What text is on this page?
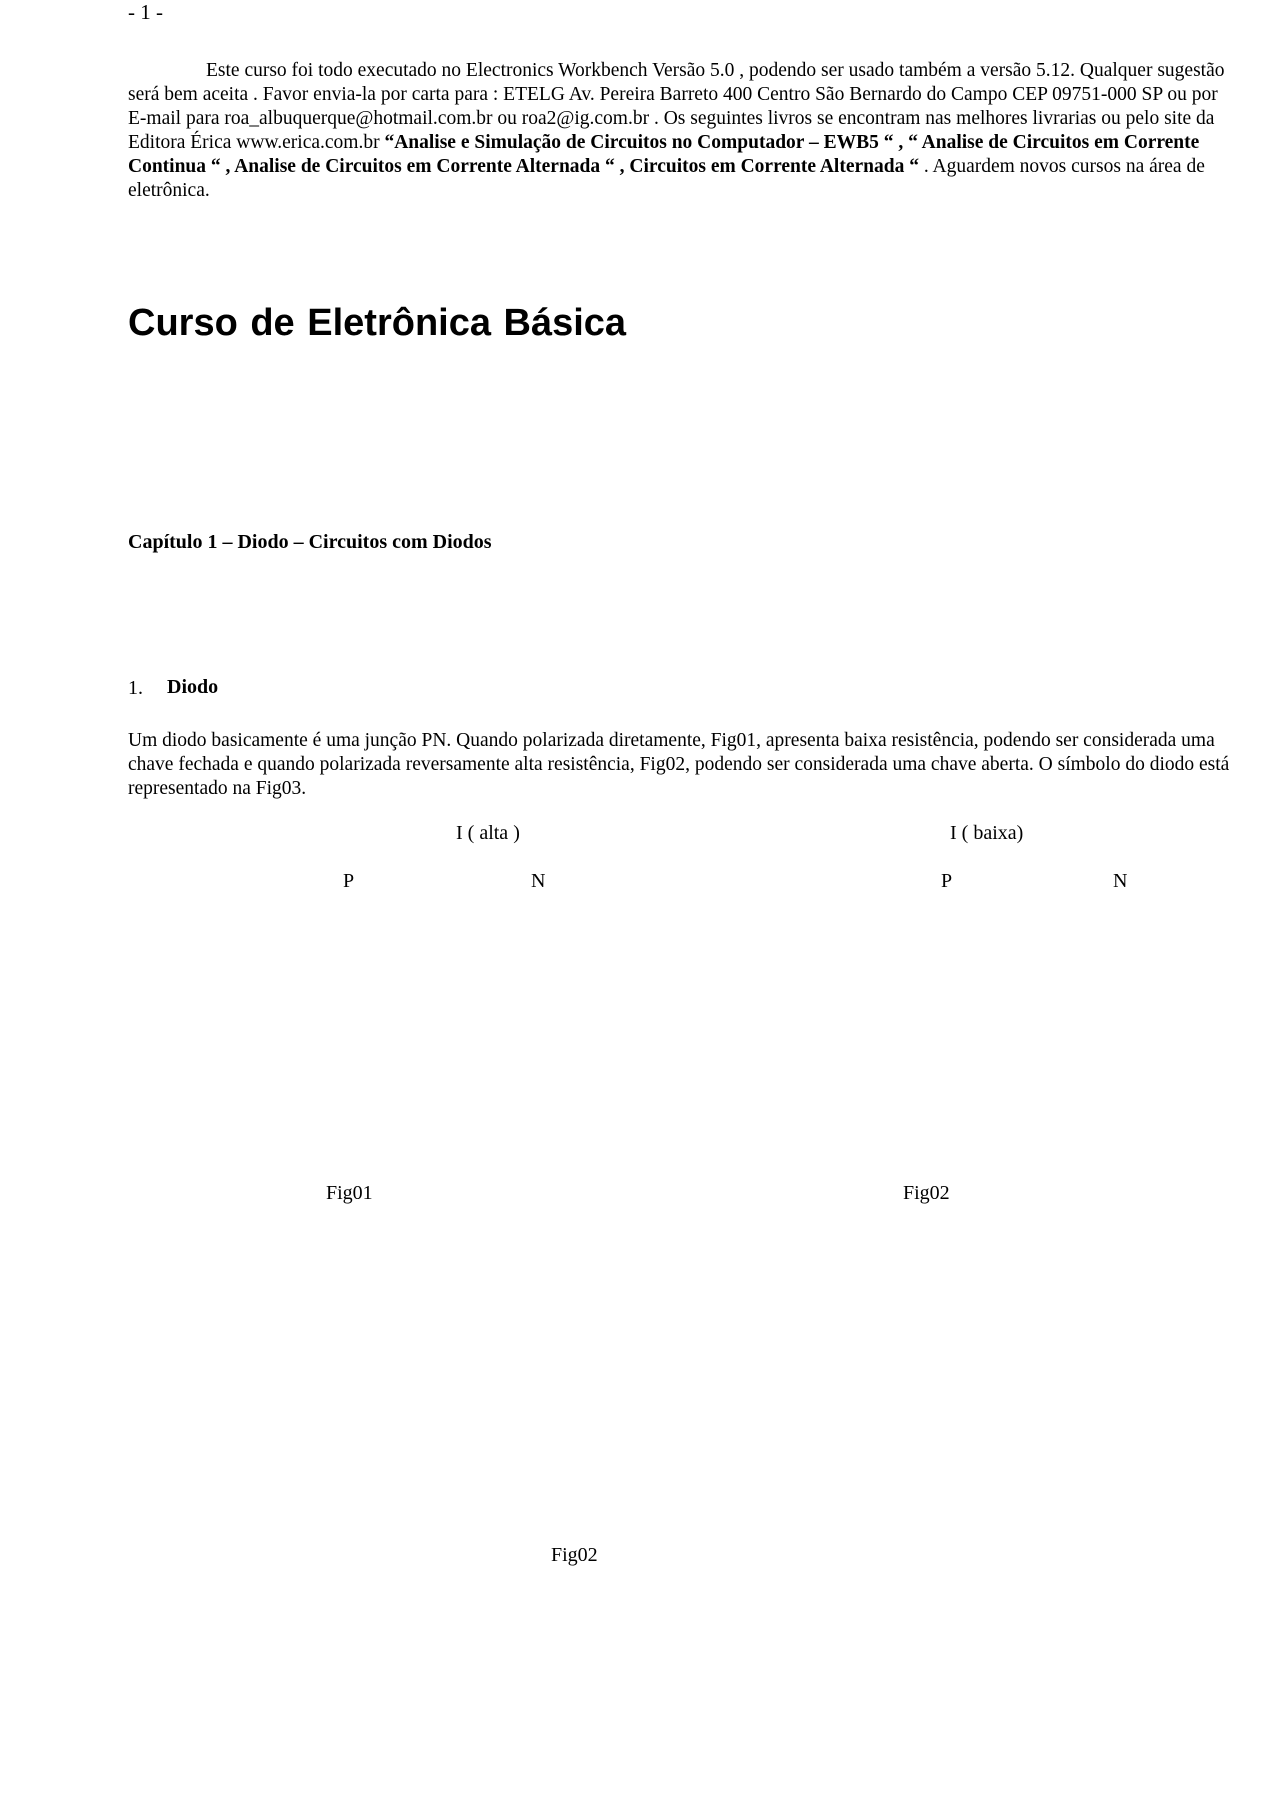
- 1 -
Este curso foi todo executado no Electronics Workbench Versão 5.0 , podendo ser usado também a versão 5.12. Qualquer sugestão será bem aceita . Favor envia-la por carta para : ETELG Av. Pereira Barreto 400 Centro São Bernardo do Campo CEP 09751-000 SP ou por E-mail para roa_albuquerque@hotmail.com.br ou roa2@ig.com.br . Os seguintes livros se encontram nas melhores livrarias ou pelo site da Editora Érica www.erica.com.br “Analise e Simulação de Circuitos no Computador – EWB5 “ , “ Analise de Circuitos em Corrente Continua “ , Analise de Circuitos em Corrente Alternada “ , Circuitos em Corrente Alternada “ . Aguardem novos cursos na área de eletrônica.
Curso de Eletrônica Básica
Capítulo 1 – Diodo – Circuitos com Diodos
1. Diodo
Um diodo basicamente é uma junção PN. Quando polarizada diretamente, Fig01, apresenta baixa resistência, podendo ser considerada uma chave fechada e quando polarizada reversamente alta resistência, Fig02, podendo ser considerada uma chave aberta. O símbolo do diodo está representado na Fig03.
I ( alta )	I ( baixa)
P	N	P	N
Fig01	Fig02
Fig02
